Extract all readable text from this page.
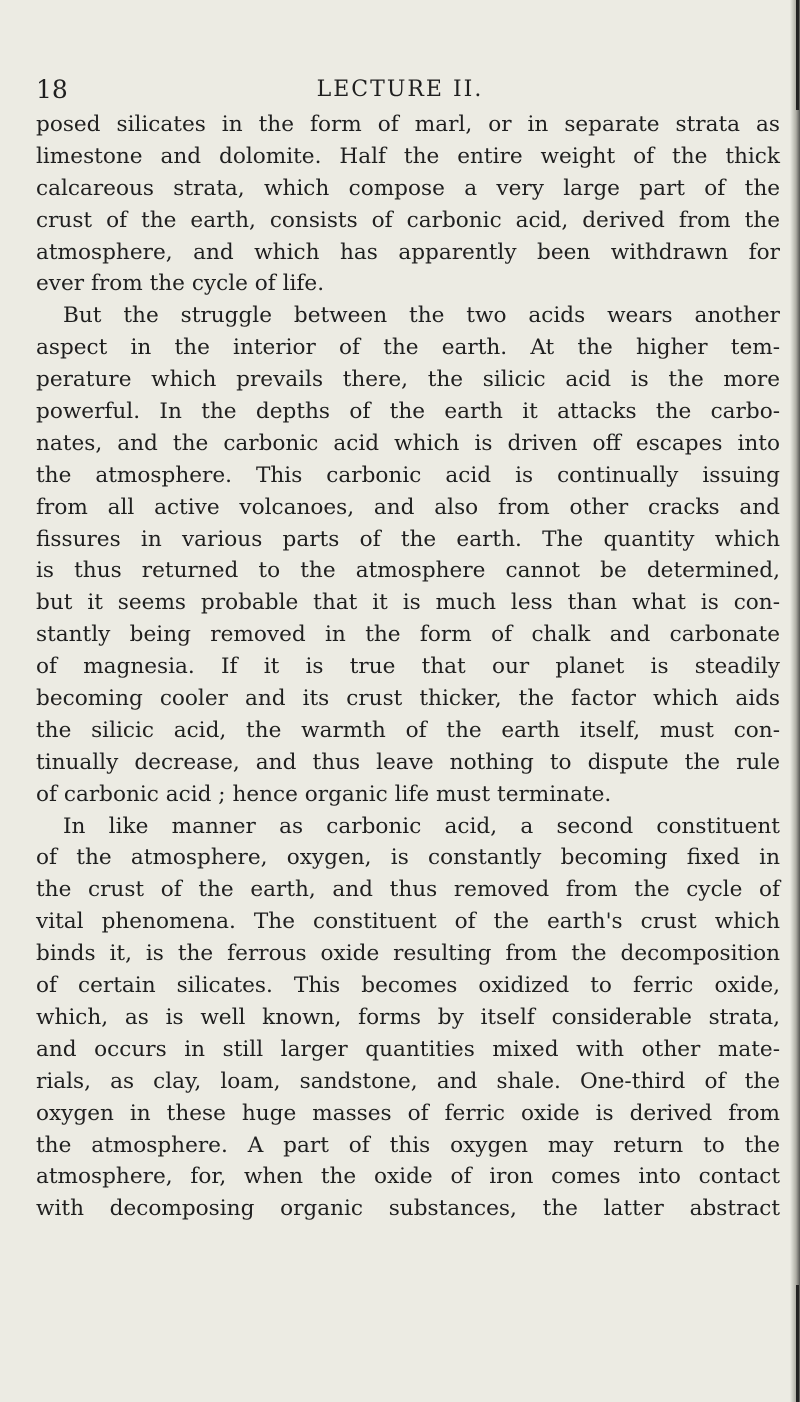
18	LECTURE II.
posed silicates in the form of marl, or in separate strata as
limestone and dolomite. Half the entire weight of the thick
calcareous strata, which compose a very large part of the
crust of the earth, consists of carbonic acid, derived from the
atmosphere, and which has apparently been withdrawn for
ever from the cycle of life.
But the struggle between the two acids wears another
aspect in the interior of the earth. At the higher tem-
perature which prevails there, the silicic acid is the more
powerful. In the depths of the earth it attacks the carbo-
nates, and the carbonic acid which is driven off escapes into
the atmosphere. This carbonic acid is continually issuing
from all active volcanoes, and also from other cracks and
fissures in various parts of the earth. The quantity which
is thus returned to the atmosphere cannot be determined,
but it seems probable that it is much less than what is con-
stantly being removed in the form of chalk and carbonate
of magnesia. If it is true that our planet is steadily
becoming cooler and its crust thicker, the factor which aids
the silicic acid, the warmth of the earth itself, must con-
tinually decrease, and thus leave nothing to dispute the rule
of carbonic acid ; hence organic life must terminate.
In like manner as carbonic acid, a second constituent
of the atmosphere, oxygen, is constantly becoming fixed in
the crust of the earth, and thus removed from the cycle of
vital phenomena. The constituent of the earth's crust which
binds it, is the ferrous oxide resulting from the decomposition
of certain silicates. This becomes oxidized to ferric oxide,
which, as is well known, forms by itself considerable strata,
and occurs in still larger quantities mixed with other mate-
rials, as clay, loam, sandstone, and shale. One-third of the
oxygen in these huge masses of ferric oxide is derived from
the atmosphere. A part of this oxygen may return to the
atmosphere, for, when the oxide of iron comes into contact
with decomposing organic substances, the latter abstract
